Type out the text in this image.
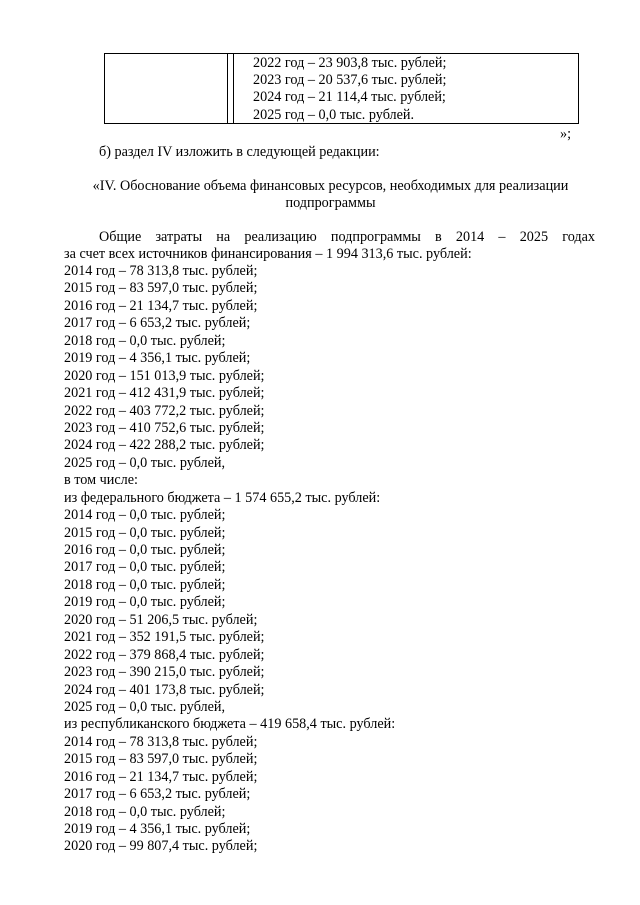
2022 год – 23 903,8 тыс. рублей;
2023 год – 20 537,6 тыс. рублей;
2024 год – 21 114,4 тыс. рублей;
2025 год – 0,0 тыс. рублей.
»;
б) раздел IV изложить в следующей редакции:
«IV. Обоснование объема финансовых ресурсов, необходимых для реализации подпрограммы
Общие затраты на реализацию подпрограммы в 2014 – 2025 годах
за счет всех источников финансирования – 1 994 313,6 тыс. рублей:
2014 год – 78 313,8 тыс. рублей;
2015 год – 83 597,0 тыс. рублей;
2016 год – 21 134,7 тыс. рублей;
2017 год – 6 653,2 тыс. рублей;
2018 год – 0,0 тыс. рублей;
2019 год – 4 356,1 тыс. рублей;
2020 год – 151 013,9 тыс. рублей;
2021 год – 412 431,9 тыс. рублей;
2022 год – 403 772,2 тыс. рублей;
2023 год – 410 752,6 тыс. рублей;
2024 год – 422 288,2 тыс. рублей;
2025 год – 0,0 тыс. рублей,
в том числе:
из федерального бюджета – 1 574 655,2 тыс. рублей:
2014 год – 0,0 тыс. рублей;
2015 год – 0,0 тыс. рублей;
2016 год – 0,0 тыс. рублей;
2017 год – 0,0 тыс. рублей;
2018 год – 0,0 тыс. рублей;
2019 год – 0,0 тыс. рублей;
2020 год – 51 206,5 тыс. рублей;
2021 год – 352 191,5 тыс. рублей;
2022 год – 379 868,4 тыс. рублей;
2023 год – 390 215,0 тыс. рублей;
2024 год – 401 173,8 тыс. рублей;
2025 год – 0,0 тыс. рублей,
из республиканского бюджета – 419 658,4 тыс. рублей:
2014 год – 78 313,8 тыс. рублей;
2015 год – 83 597,0 тыс. рублей;
2016 год – 21 134,7 тыс. рублей;
2017 год – 6 653,2 тыс. рублей;
2018 год – 0,0 тыс. рублей;
2019 год – 4 356,1 тыс. рублей;
2020 год – 99 807,4 тыс. рублей;
